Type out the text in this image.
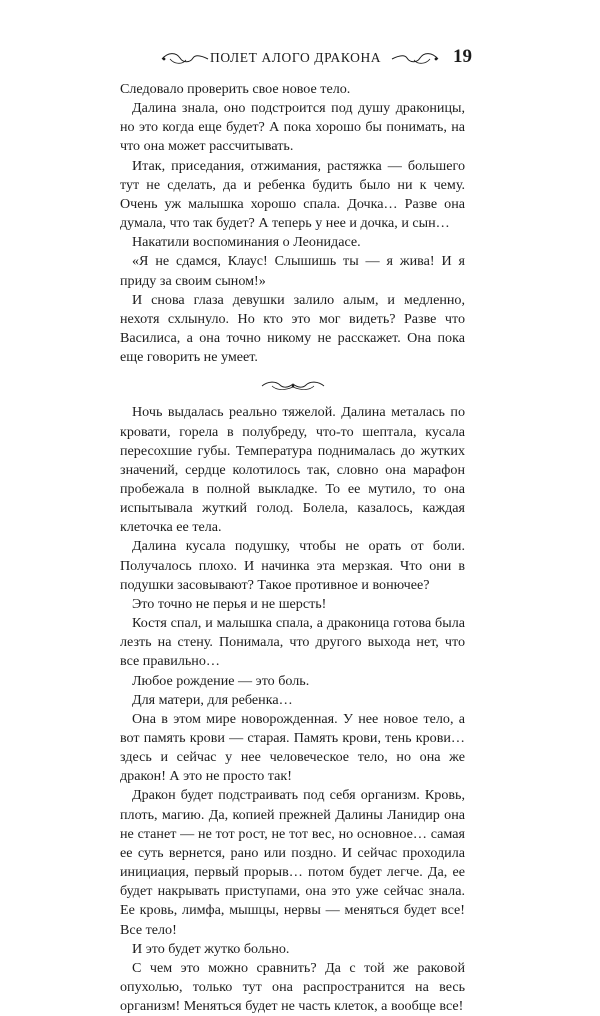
ПОЛЕТ АЛОГО ДРАКОНА	19

Следовало проверить свое новое тело.

Далина знала, оно подстроится под душу драконицы, но это когда еще будет? А пока хорошо бы понимать, на что она может рассчитывать.

Итак, приседания, отжимания, растяжка — большего тут не сделать, да и ребенка будить было ни к чему. Очень уж малышка хорошо спала. Дочка… Разве она думала, что так будет? А теперь у нее и дочка, и сын…

Накатили воспоминания о Леонидасе.

«Я не сдамся, Клаус! Слышишь ты — я жива! И я приду за своим сыном!»

И снова глаза девушки залило алым, и медленно, нехотя схлынуло. Но кто это мог видеть? Разве что Василиса, а она точно никому не расскажет. Она пока еще говорить не умеет.

Ночь выдалась реально тяжелой. Далина металась по кровати, горела в полубреду, что-то шептала, кусала пересохшие губы. Температура поднималась до жутких значений, сердце колотилось так, словно она марафон пробежала в полной выкладке. То ее мутило, то она испытывала жуткий голод. Болела, казалось, каждая клеточка ее тела.

Далина кусала подушку, чтобы не орать от боли. Получалось плохо. И начинка эта мерзкая. Что они в подушки засовывают? Такое противное и вонючее?

Это точно не перья и не шерсть!

Костя спал, и малышка спала, а драконица готова была лезть на стену. Понимала, что другого выхода нет, что все правильно…

Любое рождение — это боль.

Для матери, для ребенка…

Она в этом мире новорожденная. У нее новое тело, а вот память крови — старая. Память крови, тень крови… здесь и сейчас у нее человеческое тело, но она же дракон! А это не просто так!

Дракон будет подстраивать под себя организм. Кровь, плоть, магию. Да, копией прежней Далины Ланидир она не станет — не тот рост, не тот вес, но основное… самая ее суть вернется, рано или поздно. И сейчас проходила инициация, первый прорыв… потом будет легче. Да, ее будет накрывать приступами, она это уже сейчас знала. Ее кровь, лимфа, мышцы, нервы — меняться будет все! Все тело!

И это будет жутко больно.

С чем это можно сравнить? Да с той же раковой опухолью, только тут она распространится на весь организм! Меняться будет не часть клеток, а вообще все!
